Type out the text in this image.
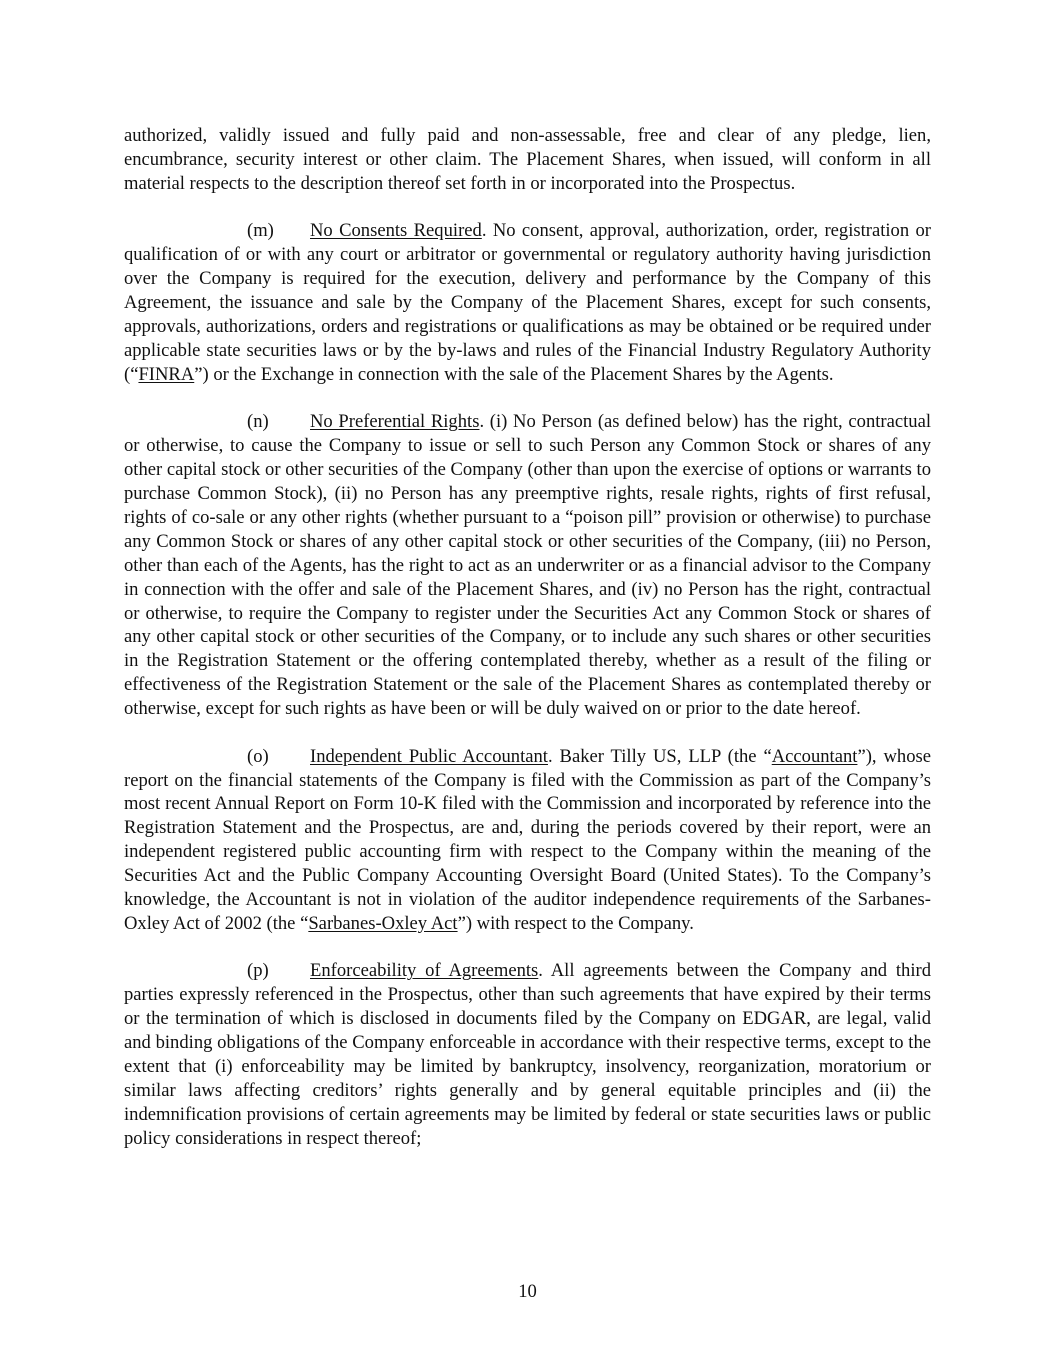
authorized, validly issued and fully paid and non-assessable, free and clear of any pledge, lien, encumbrance, security interest or other claim. The Placement Shares, when issued, will conform in all material respects to the description thereof set forth in or incorporated into the Prospectus.

(m) No Consents Required. No consent, approval, authorization, order, registration or qualification of or with any court or arbitrator or governmental or regulatory authority having jurisdiction over the Company is required for the execution, delivery and performance by the Company of this Agreement, the issuance and sale by the Company of the Placement Shares, except for such consents, approvals, authorizations, orders and registrations or qualifications as may be obtained or be required under applicable state securities laws or by the by-laws and rules of the Financial Industry Regulatory Authority (“FINRA”) or the Exchange in connection with the sale of the Placement Shares by the Agents.

(n) No Preferential Rights. (i) No Person (as defined below) has the right, contractual or otherwise, to cause the Company to issue or sell to such Person any Common Stock or shares of any other capital stock or other securities of the Company (other than upon the exercise of options or warrants to purchase Common Stock), (ii) no Person has any preemptive rights, resale rights, rights of first refusal, rights of co-sale or any other rights (whether pursuant to a “poison pill” provision or otherwise) to purchase any Common Stock or shares of any other capital stock or other securities of the Company, (iii) no Person, other than each of the Agents, has the right to act as an underwriter or as a financial advisor to the Company in connection with the offer and sale of the Placement Shares, and (iv) no Person has the right, contractual or otherwise, to require the Company to register under the Securities Act any Common Stock or shares of any other capital stock or other securities of the Company, or to include any such shares or other securities in the Registration Statement or the offering contemplated thereby, whether as a result of the filing or effectiveness of the Registration Statement or the sale of the Placement Shares as contemplated thereby or otherwise, except for such rights as have been or will be duly waived on or prior to the date hereof.

(o) Independent Public Accountant. Baker Tilly US, LLP (the “Accountant”), whose report on the financial statements of the Company is filed with the Commission as part of the Company’s most recent Annual Report on Form 10-K filed with the Commission and incorporated by reference into the Registration Statement and the Prospectus, are and, during the periods covered by their report, were an independent registered public accounting firm with respect to the Company within the meaning of the Securities Act and the Public Company Accounting Oversight Board (United States). To the Company’s knowledge, the Accountant is not in violation of the auditor independence requirements of the Sarbanes-Oxley Act of 2002 (the “Sarbanes-Oxley Act”) with respect to the Company.

(p) Enforceability of Agreements. All agreements between the Company and third parties expressly referenced in the Prospectus, other than such agreements that have expired by their terms or the termination of which is disclosed in documents filed by the Company on EDGAR, are legal, valid and binding obligations of the Company enforceable in accordance with their respective terms, except to the extent that (i) enforceability may be limited by bankruptcy, insolvency, reorganization, moratorium or similar laws affecting creditors’ rights generally and by general equitable principles and (ii) the indemnification provisions of certain agreements may be limited by federal or state securities laws or public policy considerations in respect thereof;

10
